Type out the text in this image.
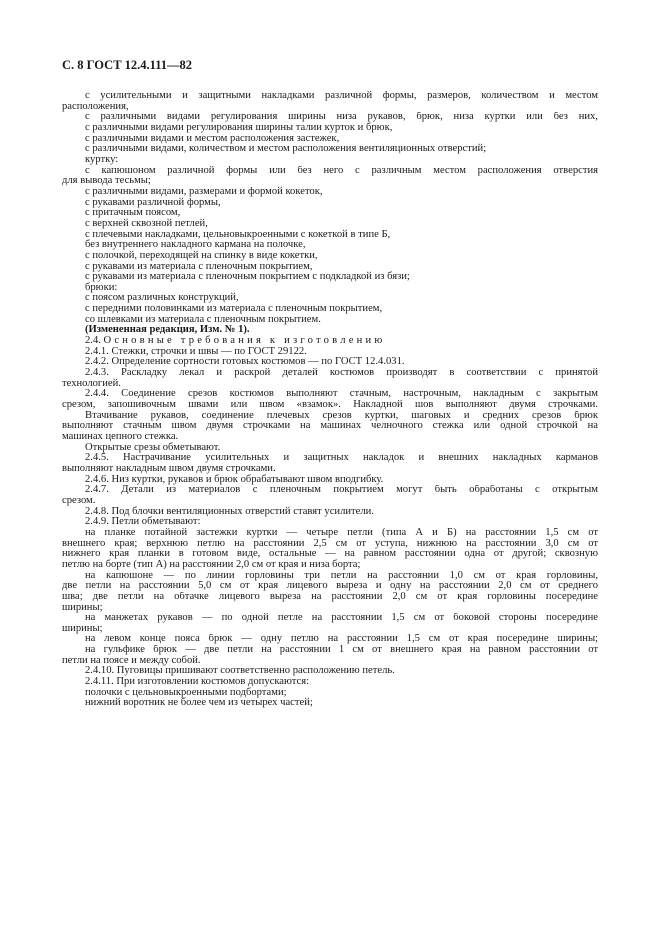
С. 8 ГОСТ 12.4.111—82
с усилительными и защитными накладками различной формы, размеров, количеством и местом
расположения,
с различными видами регулирования ширины низа рукавов, брюк, низа куртки или без них,
с различными видами регулирования ширины талии курток и брюк,
с различными видами и местом расположения застежек,
с различными видами, количеством и местом расположения вентиляционных отверстий;
куртку:
с капюшоном различной формы или без него с различным местом расположения отверстия
для вывода тесьмы;
с различными видами, размерами и формой кокеток,
с рукавами различной формы,
с притачным поясом,
с верхней сквозной петлей,
с плечевыми накладками, цельновыкроенными с кокеткой в типе Б,
без внутреннего накладного кармана на полочке,
с полочкой, переходящей на спинку в виде кокетки,
с рукавами из материала с пленочным покрытием,
с рукавами из материала с пленочным покрытием с подкладкой из бязи;
брюки:
с поясом различных конструкций,
с передними половинками из материала с пленочным покрытием,
со шлевками из материала с пленочным покрытием.
(Измененная редакция, Изм. № 1).
2.4. Основные требования к изготовлению
2.4.1. Стежки, строчки и швы — по ГОСТ 29122.
2.4.2. Определение сортности готовых костюмов — по ГОСТ 12.4.031.
2.4.3. Раскладку лекал и раскрой деталей костюмов производят в соответствии с принятой
технологией.
2.4.4. Соединение срезов костюмов выполняют стачным, настрочным, накладным с закрытым
срезом, запошивочным швами или швом «взамок». Накладной шов выполняют двумя строчками.
Втачивание рукавов, соединение плечевых срезов куртки, шаговых и средних срезов брюк
выполняют стачным швом двумя строчками на машинах челночного стежка или одной строчкой на
машинах цепного стежка.
Открытые срезы обметывают.
2.4.5. Настрачивание усилительных и защитных накладок и внешних накладных карманов
выполняют накладным швом двумя строчками.
2.4.6. Низ куртки, рукавов и брюк обрабатывают швом вподгибку.
2.4.7. Детали из материалов с пленочным покрытием могут быть обработаны с открытым
срезом.
2.4.8. Под блочки вентиляционных отверстий ставят усилители.
2.4.9. Петли обметывают:
на планке потайной застежки куртки — четыре петли (типа А и Б) на расстоянии 1,5 см от
внешнего края; верхнюю петлю на расстоянии 2,5 см от уступа, нижнюю на расстоянии 3,0 см от
нижнего края планки в готовом виде, остальные — на равном расстоянии одна от другой; сквозную
петлю на борте (тип А) на расстоянии 2,0 см от края и низа борта;
на капюшоне — по линии горловины три петли на расстоянии 1,0 см от края горловины,
две петли на расстоянии 5,0 см от края лицевого выреза и одну на расстоянии 2,0 см от среднего
шва; две петли на обтачке лицевого выреза на расстоянии 2,0 см от края горловины посередине
ширины;
на манжетах рукавов — по одной петле на расстоянии 1,5 см от боковой стороны посередине
ширины;
на левом конце пояса брюк — одну петлю на расстоянии 1,5 см от края посередине ширины;
на гульфике брюк — две петли на расстоянии 1 см от внешнего края на равном расстоянии от
петли на поясе и между собой.
2.4.10. Пуговицы пришивают соответственно расположению петель.
2.4.11. При изготовлении костюмов допускаются:
полочки с цельновыкроенными подбортами;
нижний воротник не более чем из четырех частей;
